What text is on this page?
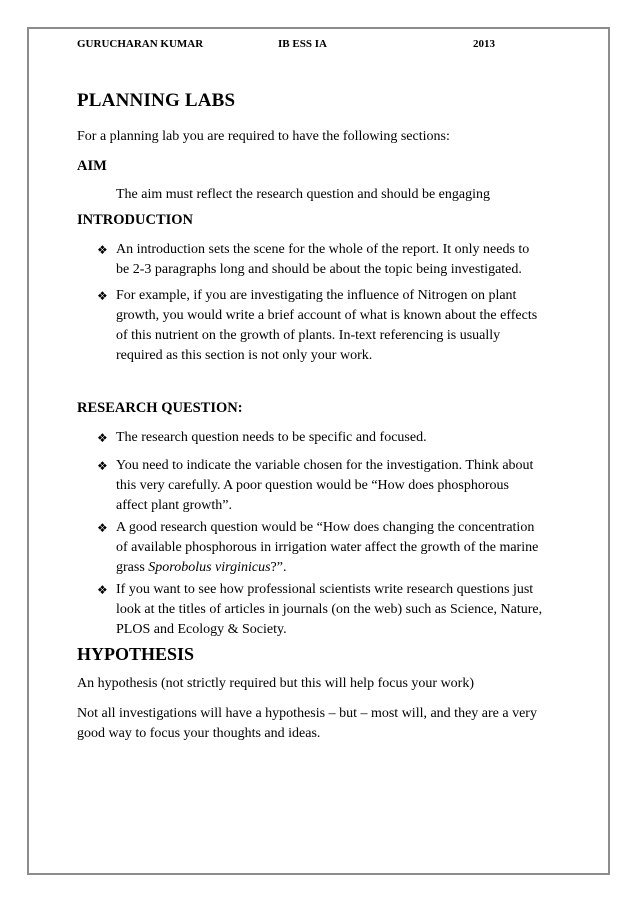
GURUCHARAN KUMAR	IB ESS IA	2013
PLANNING LABS

For a planning lab you are required to have the following sections:

AIM

The aim must reflect the research question and should be engaging

INTRODUCTION
❖ An introduction sets the scene for the whole of the report. It only needs to
be 2-3 paragraphs long and should be about the topic being investigated.
❖ For example, if you are investigating the influence of Nitrogen on plant
growth, you would write a brief account of what is known about the effects
of this nutrient on the growth of plants. In-text referencing is usually
required as this section is not only your work.
RESEARCH QUESTION:
❖ The research question needs to be specific and focused.
❖ You need to indicate the variable chosen for the investigation. Think about
this very carefully. A poor question would be “How does phosphorous
affect plant growth”.
❖ A good research question would be “How does changing the concentration
of available phosphorous in irrigation water affect the growth of the marine
grass Sporobolus virginicus?”.
❖ If you want to see how professional scientists write research questions just
look at the titles of articles in journals (on the web) such as Science, Nature,
PLOS and Ecology & Society.
HYPOTHESIS

An hypothesis (not strictly required but this will help focus your work)

Not all investigations will have a hypothesis – but – most will, and they are a very
good way to focus your thoughts and ideas.
